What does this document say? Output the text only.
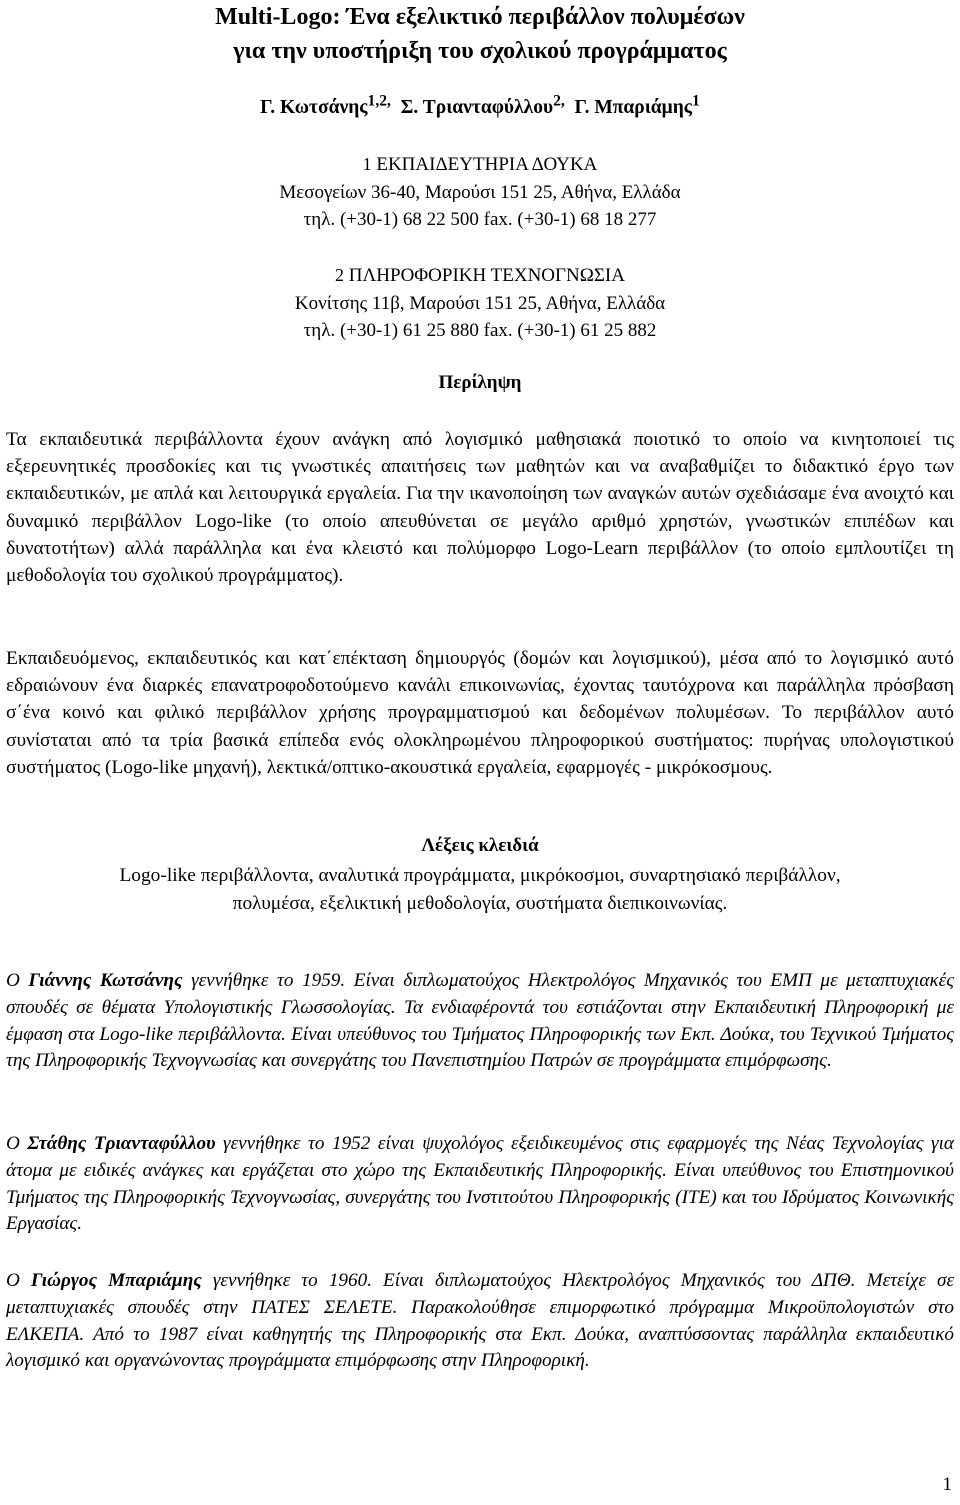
Multi-Logo: Ένα εξελικτικό περιβάλλον πολυμέσων
για την υποστήριξη του σχολικού προγράμματος
Γ. Κωτσάνης$^{1,2,}$ Σ. Τριανταφύλλου$^{2,}$ Γ. Μπαριάμης$^1$
1 ΕΚΠΑΙΔΕΥΤΗΡΙΑ ΔΟΥΚΑ
Μεσογείων 36-40, Μαρούσι 151 25, Αθήνα, Ελλάδα
τηλ. (+30-1) 68 22 500 fax. (+30-1) 68 18 277
2 ΠΛΗΡΟΦΟΡΙΚΗ ΤΕΧΝΟΓΝΩΣΙΑ
Κονίτσης 11β, Μαρούσι 151 25, Αθήνα, Ελλάδα
τηλ. (+30-1) 61 25 880 fax. (+30-1) 61 25 882
Περίληψη

Τα εκπαιδευτικά περιβάλλοντα έχουν ανάγκη από λογισμικό μαθησιακά ποιοτικό το οποίο να κινητοποιεί τις εξερευνητικές προσδοκίες και τις γνωστικές απαιτήσεις των μαθητών και να αναβαθμίζει το διδακτικό έργο των εκπαιδευτικών, με απλά και λειτουργικά εργαλεία. Για την ικανοποίηση των αναγκών αυτών σχεδιάσαμε ένα ανοιχτό και δυναμικό περιβάλλον Logo-like (το οποίο απευθύνεται σε μεγάλο αριθμό χρηστών, γνωστικών επιπέδων και δυνατοτήτων) αλλά παράλληλα και ένα κλειστό και πολύμορφο Logo-Learn περιβάλλον (το οποίο εμπλουτίζει τη μεθοδολογία του σχολικού προγράμματος).

Εκπαιδευόμενος, εκπαιδευτικός και κατ΄επέκταση δημιουργός (δομών και λογισμικού), μέσα από το λογισμικό αυτό εδραιώνουν ένα διαρκές επανατροφοδοτούμενο κανάλι επικοινωνίας, έχοντας ταυτόχρονα και παράλληλα πρόσβαση σ΄ένα κοινό και φιλικό περιβάλλον χρήσης προγραμματισμού και δεδομένων πολυμέσων. Το περιβάλλον αυτό συνίσταται από τα τρία βασικά επίπεδα ενός ολοκληρωμένου πληροφορικού συστήματος: πυρήνας υπολογιστικού συστήματος (Logo-like μηχανή), λεκτικά/οπτικο-ακουστικά εργαλεία, εφαρμογές - μικρόκοσμους.

Λέξεις κλειδιά
Logo-like περιβάλλοντα, αναλυτικά προγράμματα, μικρόκοσμοι, συναρτησιακό περιβάλλον,
πολυμέσα, εξελικτική μεθοδολογία, συστήματα διεπικοινωνίας.

Ο Γιάννης Κωτσάνης γεννήθηκε το 1959. Είναι διπλωματούχος Ηλεκτρολόγος Μηχανικός του ΕΜΠ με μεταπτυχιακές σπουδές σε θέματα Υπολογιστικής Γλωσσολογίας. Τα ενδιαφέροντά του εστιάζονται στην Εκπαιδευτική Πληροφορική με έμφαση στα Logo-like περιβάλλοντα. Είναι υπεύθυνος του Τμήματος Πληροφορικής των Εκπ. Δούκα, του Τεχνικού Τμήματος της Πληροφορικής Τεχνογνωσίας και συνεργάτης του Πανεπιστημίου Πατρών σε προγράμματα επιμόρφωσης.

Ο Στάθης Τριανταφύλλου γεννήθηκε το 1952 είναι ψυχολόγος εξειδικευμένος στις εφαρμογές της Νέας Τεχνολογίας για άτομα με ειδικές ανάγκες και εργάζεται στο χώρο της Εκπαιδευτικής Πληροφορικής. Είναι υπεύθυνος του Επιστημονικού Τμήματος της Πληροφορικής Τεχνογνωσίας, συνεργάτης του Ινστιτούτου Πληροφορικής (ΙΤΕ) και του Ιδρύματος Κοινωνικής Εργασίας.

Ο Γιώργος Μπαριάμης γεννήθηκε το 1960. Είναι διπλωματούχος Ηλεκτρολόγος Μηχανικός του ΔΠΘ. Μετείχε σε μεταπτυχιακές σπουδές στην ΠΑΤΕΣ ΣΕΛΕΤΕ. Παρακολούθησε επιμορφωτικό πρόγραμμα Μικροϋπολογιστών στο ΕΛΚΕΠΑ. Από το 1987 είναι καθηγητής της Πληροφορικής στα Εκπ. Δούκα, αναπτύσσοντας παράλληλα εκπαιδευτικό λογισμικό και οργανώνοντας προγράμματα επιμόρφωσης στην Πληροφορική.

1
